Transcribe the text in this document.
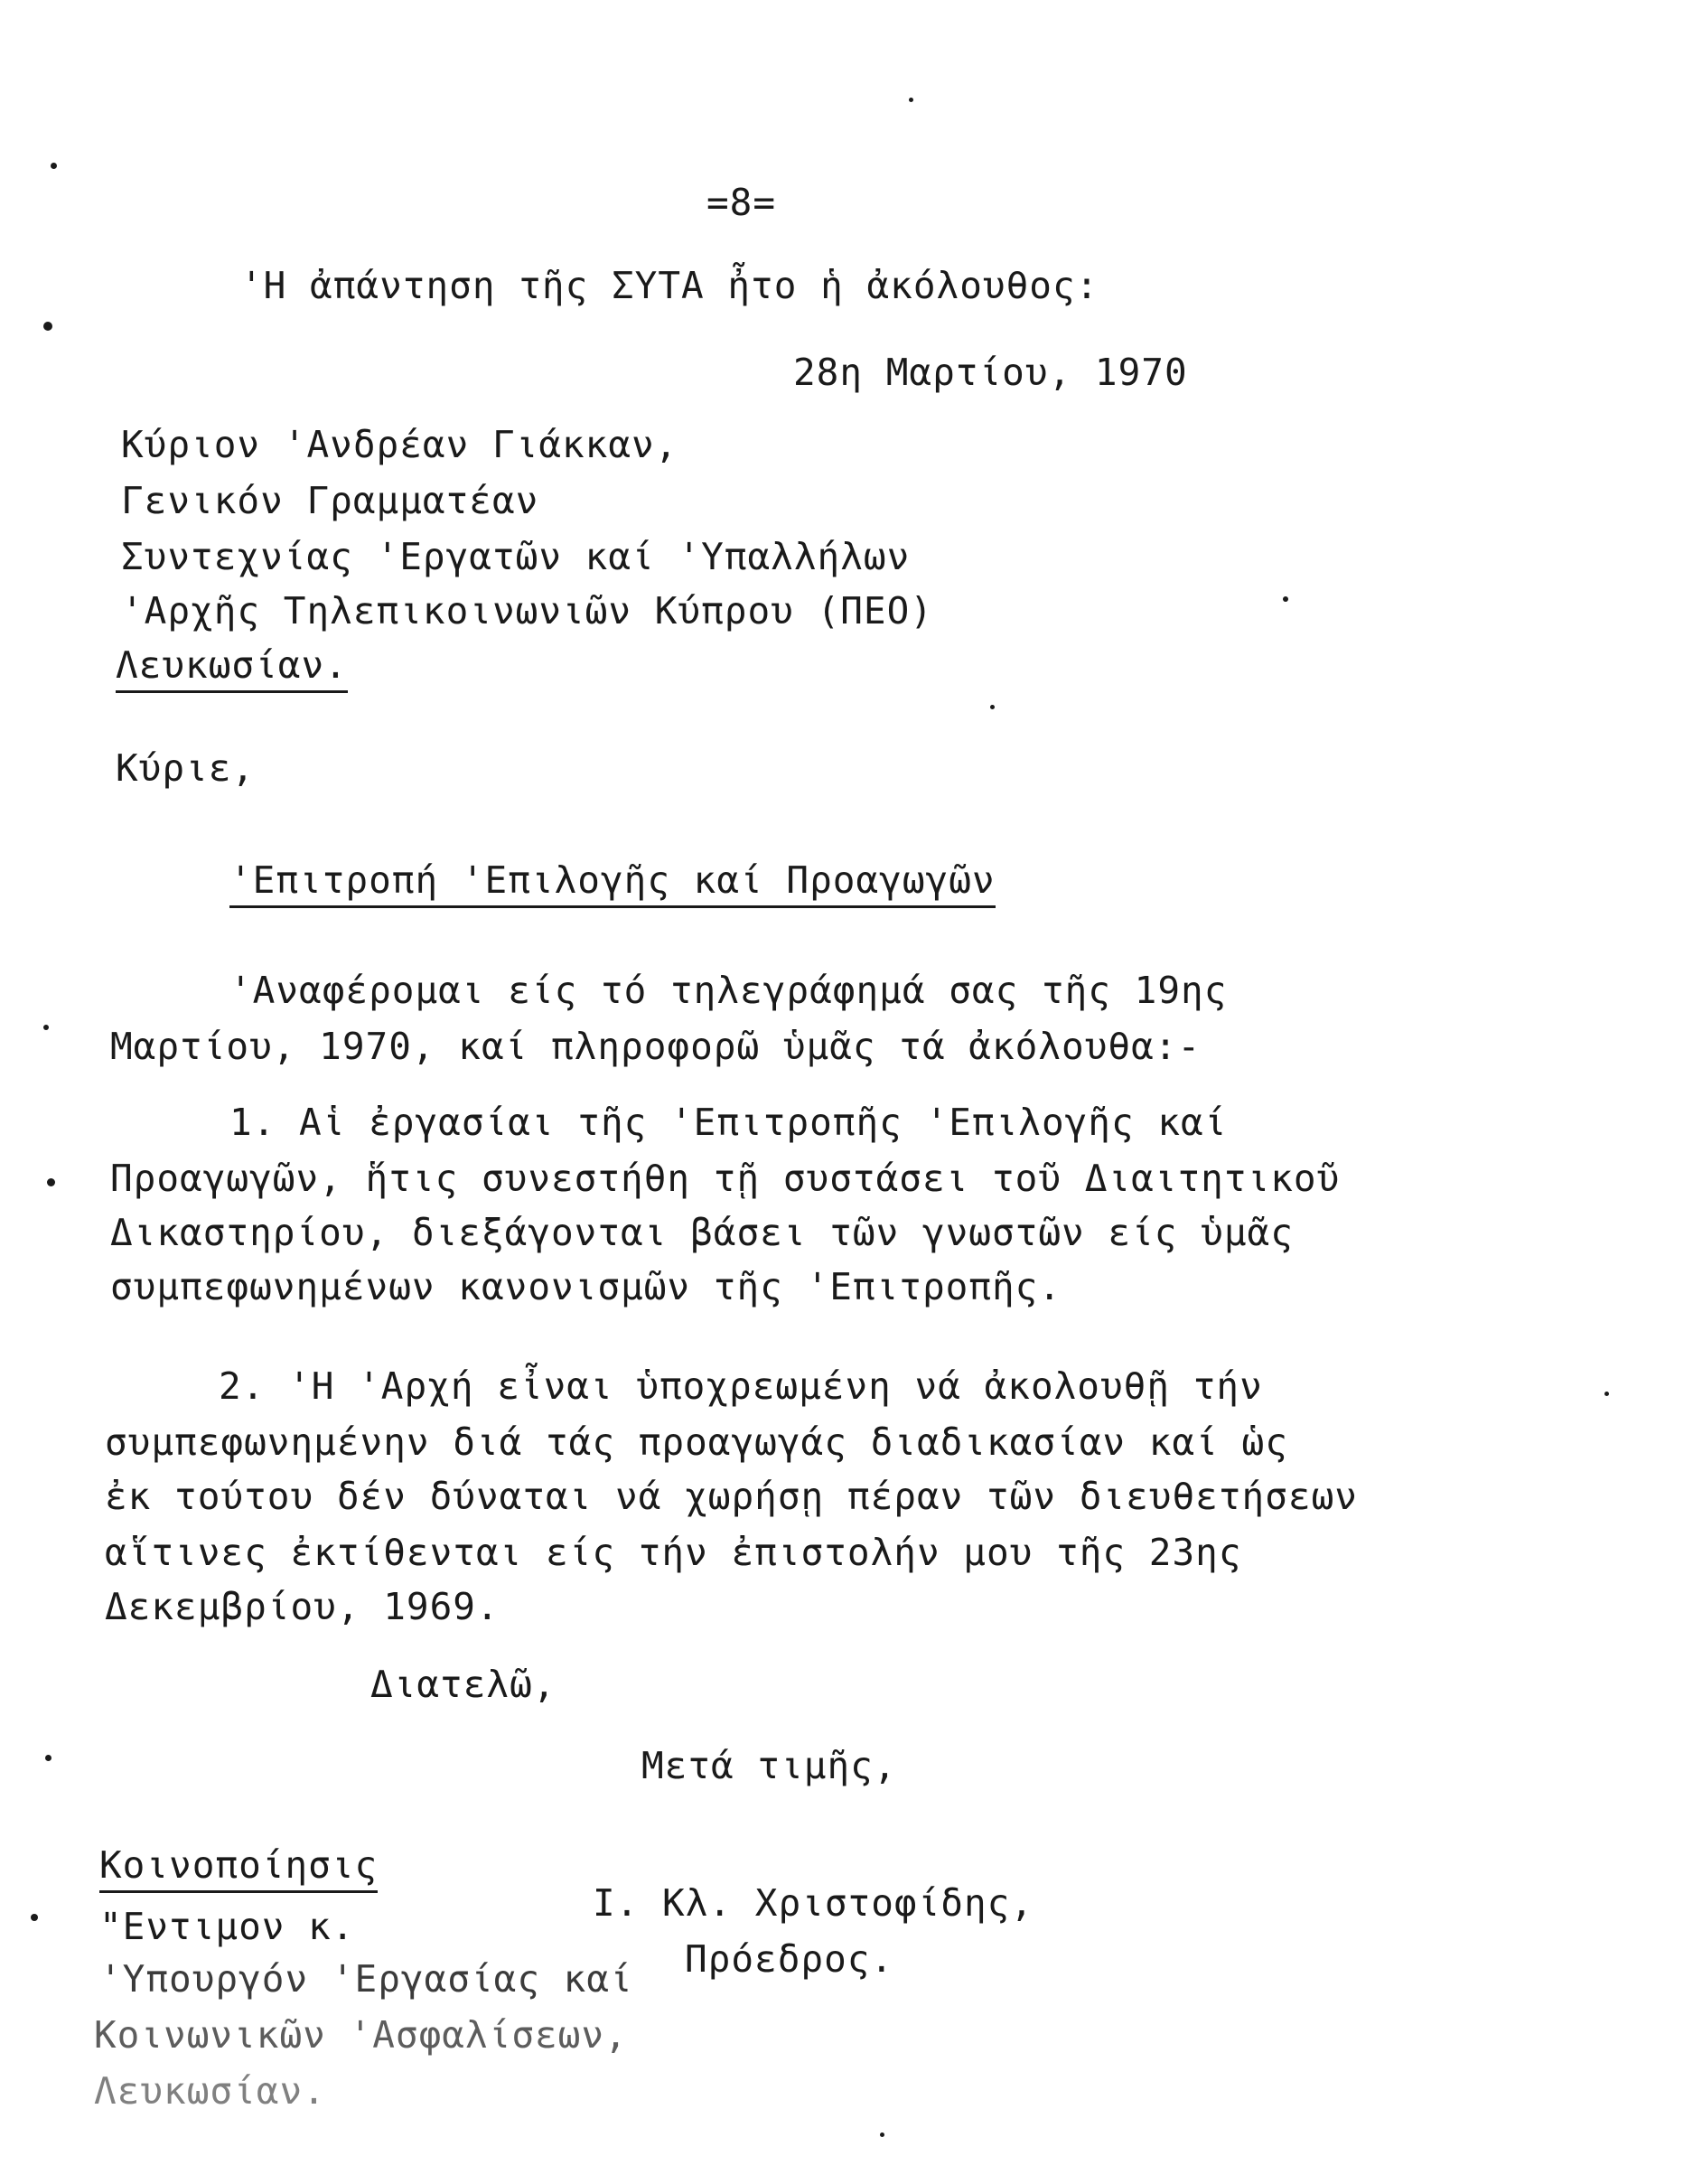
=8=
'Η ἀπάντηση τῆς ΣΥΤΑ ἦτο ἡ ἀκόλουθος:
28η Μαρτίου, 1970
Κύριον 'Ανδρέαν Γιάκκαν,
Γενικόν Γραμματέαν
Συντεχνίας 'Εργατῶν καί 'Υπαλλήλων
'Αρχῆς Τηλεπικοινωνιῶν Κύπρου (ΠΕΟ)
Λευκωσίαν.
Κύριε,
'Επιτροπή 'Επιλογῆς καί Προαγωγῶν
'Αναφέρομαι είς τό τηλεγράφημά σας τῆς 19ης
Μαρτίου, 1970, καί πληροφορῶ ὑμᾶς τά ἀκόλουθα:-
1. Αἱ ἐργασίαι τῆς 'Επιτροπῆς 'Επιλογῆς καί
Προαγωγῶν, ἥτις συνεστήθη τῇ συστάσει τοῦ Διαιτητικοῦ
Δικαστηρίου, διεξάγονται βάσει τῶν γνωστῶν είς ὑμᾶς
συμπεφωνημένων κανονισμῶν τῆς 'Επιτροπῆς.
2. 'Η 'Αρχή εἶναι ὑποχρεωμένη νά ἀκολουθῇ τήν
συμπεφωνημένην διά τάς προαγωγάς διαδικασίαν καί ὡς
ἐκ τούτου δέν δύναται νά χωρήσῃ πέραν τῶν διευθετήσεων
αἵτινες ἐκτίθενται είς τήν ἐπιστολήν μου τῆς 23ης
Δεκεμβρίου, 1969.
Διατελῶ,
Μετά τιμῆς,
Κοινοποίησις
"Εντιμον κ.
'Υπουργόν 'Εργασίας καί
Κοινωνικῶν 'Ασφαλίσεων,
Λευκωσίαν.
Ι. Κλ. Χριστοφίδης,
Πρόεδρος.
